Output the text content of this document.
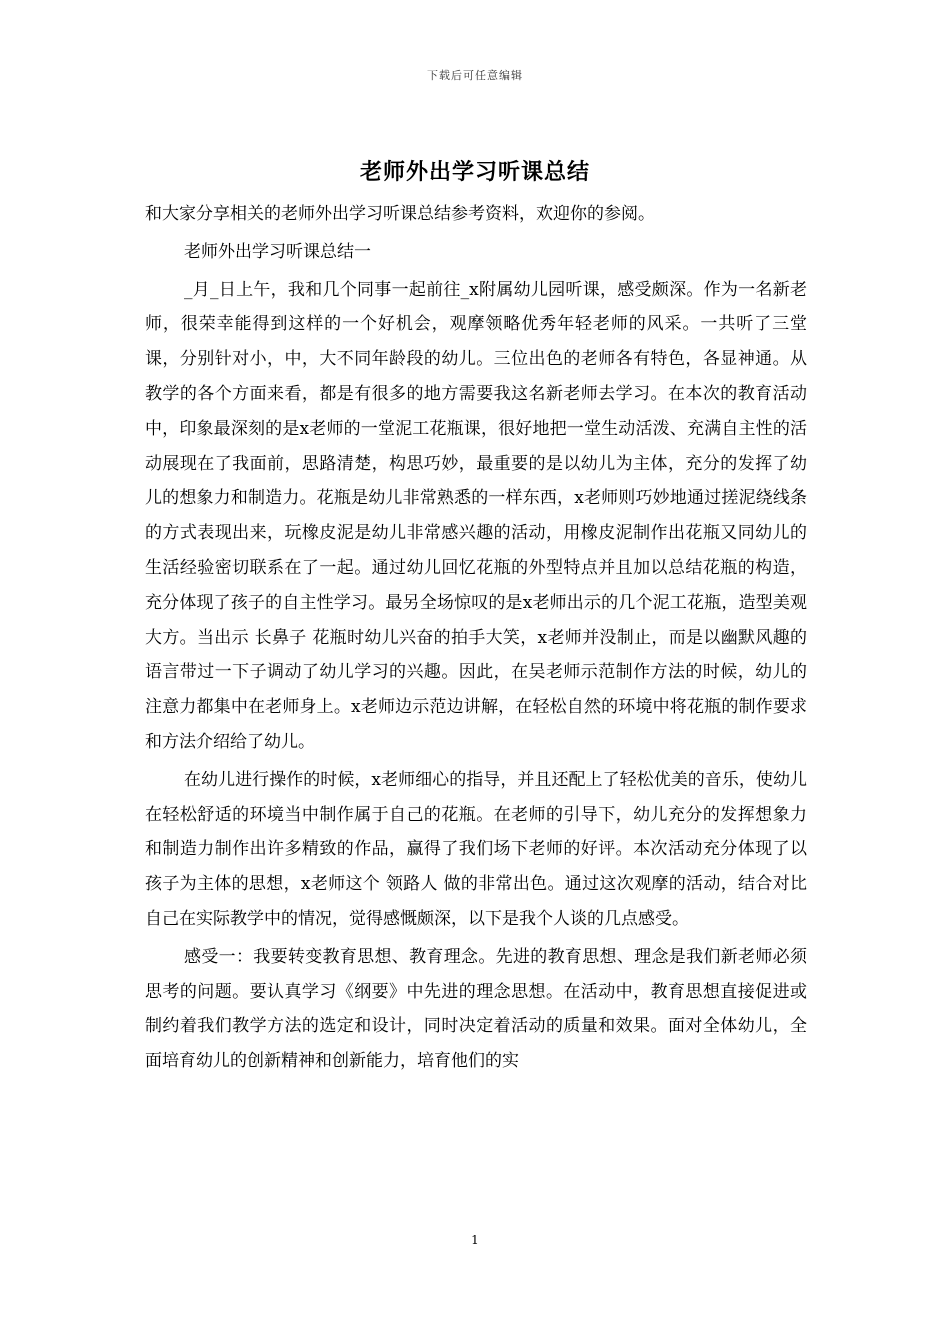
下载后可任意编辑
老师外出学习听课总结

和大家分享相关的老师外出学习听课总结参考资料，欢迎你的参阅。

老师外出学习听课总结一

_月_日上午，我和几个同事一起前往_x附属幼儿园听课，感受颇深。作为一名新老师，很荣幸能得到这样的一个好机会，观摩领略优秀年轻老师的风采。一共听了三堂课，分别针对小，中，大不同年龄段的幼儿。三位出色的老师各有特色，各显神通。从教学的各个方面来看，都是有很多的地方需要我这名新老师去学习。在本次的教育活动中，印象最深刻的是x老师的一堂泥工花瓶课，很好地把一堂生动活泼、充满自主性的活动展现在了我面前，思路清楚，构思巧妙，最重要的是以幼儿为主体，充分的发挥了幼儿的想象力和制造力。花瓶是幼儿非常熟悉的一样东西，x老师则巧妙地通过搓泥绕线条的方式表现出来，玩橡皮泥是幼儿非常感兴趣的活动，用橡皮泥制作出花瓶又同幼儿的生活经验密切联系在了一起。通过幼儿回忆花瓶的外型特点并且加以总结花瓶的构造，充分体现了孩子的自主性学习。最另全场惊叹的是x老师出示的几个泥工花瓶，造型美观大方。当出示 长鼻子 花瓶时幼儿兴奋的拍手大笑，x老师并没制止，而是以幽默风趣的语言带过一下子调动了幼儿学习的兴趣。因此，在吴老师示范制作方法的时候，幼儿的注意力都集中在老师身上。x老师边示范边讲解，在轻松自然的环境中将花瓶的制作要求和方法介绍给了幼儿。

在幼儿进行操作的时候，x老师细心的指导，并且还配上了轻松优美的音乐，使幼儿在轻松舒适的环境当中制作属于自己的花瓶。在老师的引导下，幼儿充分的发挥想象力和制造力制作出许多精致的作品，赢得了我们场下老师的好评。本次活动充分体现了以孩子为主体的思想，x老师这个 领路人 做的非常出色。通过这次观摩的活动，结合对比自己在实际教学中的情况，觉得感慨颇深，以下是我个人谈的几点感受。

感受一：我要转变教育思想、教育理念。先进的教育思想、理念是我们新老师必须思考的问题。要认真学习《纲要》中先进的理念思想。在活动中，教育思想直接促进或制约着我们教学方法的选定和设计，同时决定着活动的质量和效果。面对全体幼儿，全面培育幼儿的创新精神和创新能力，培育他们的实

1
